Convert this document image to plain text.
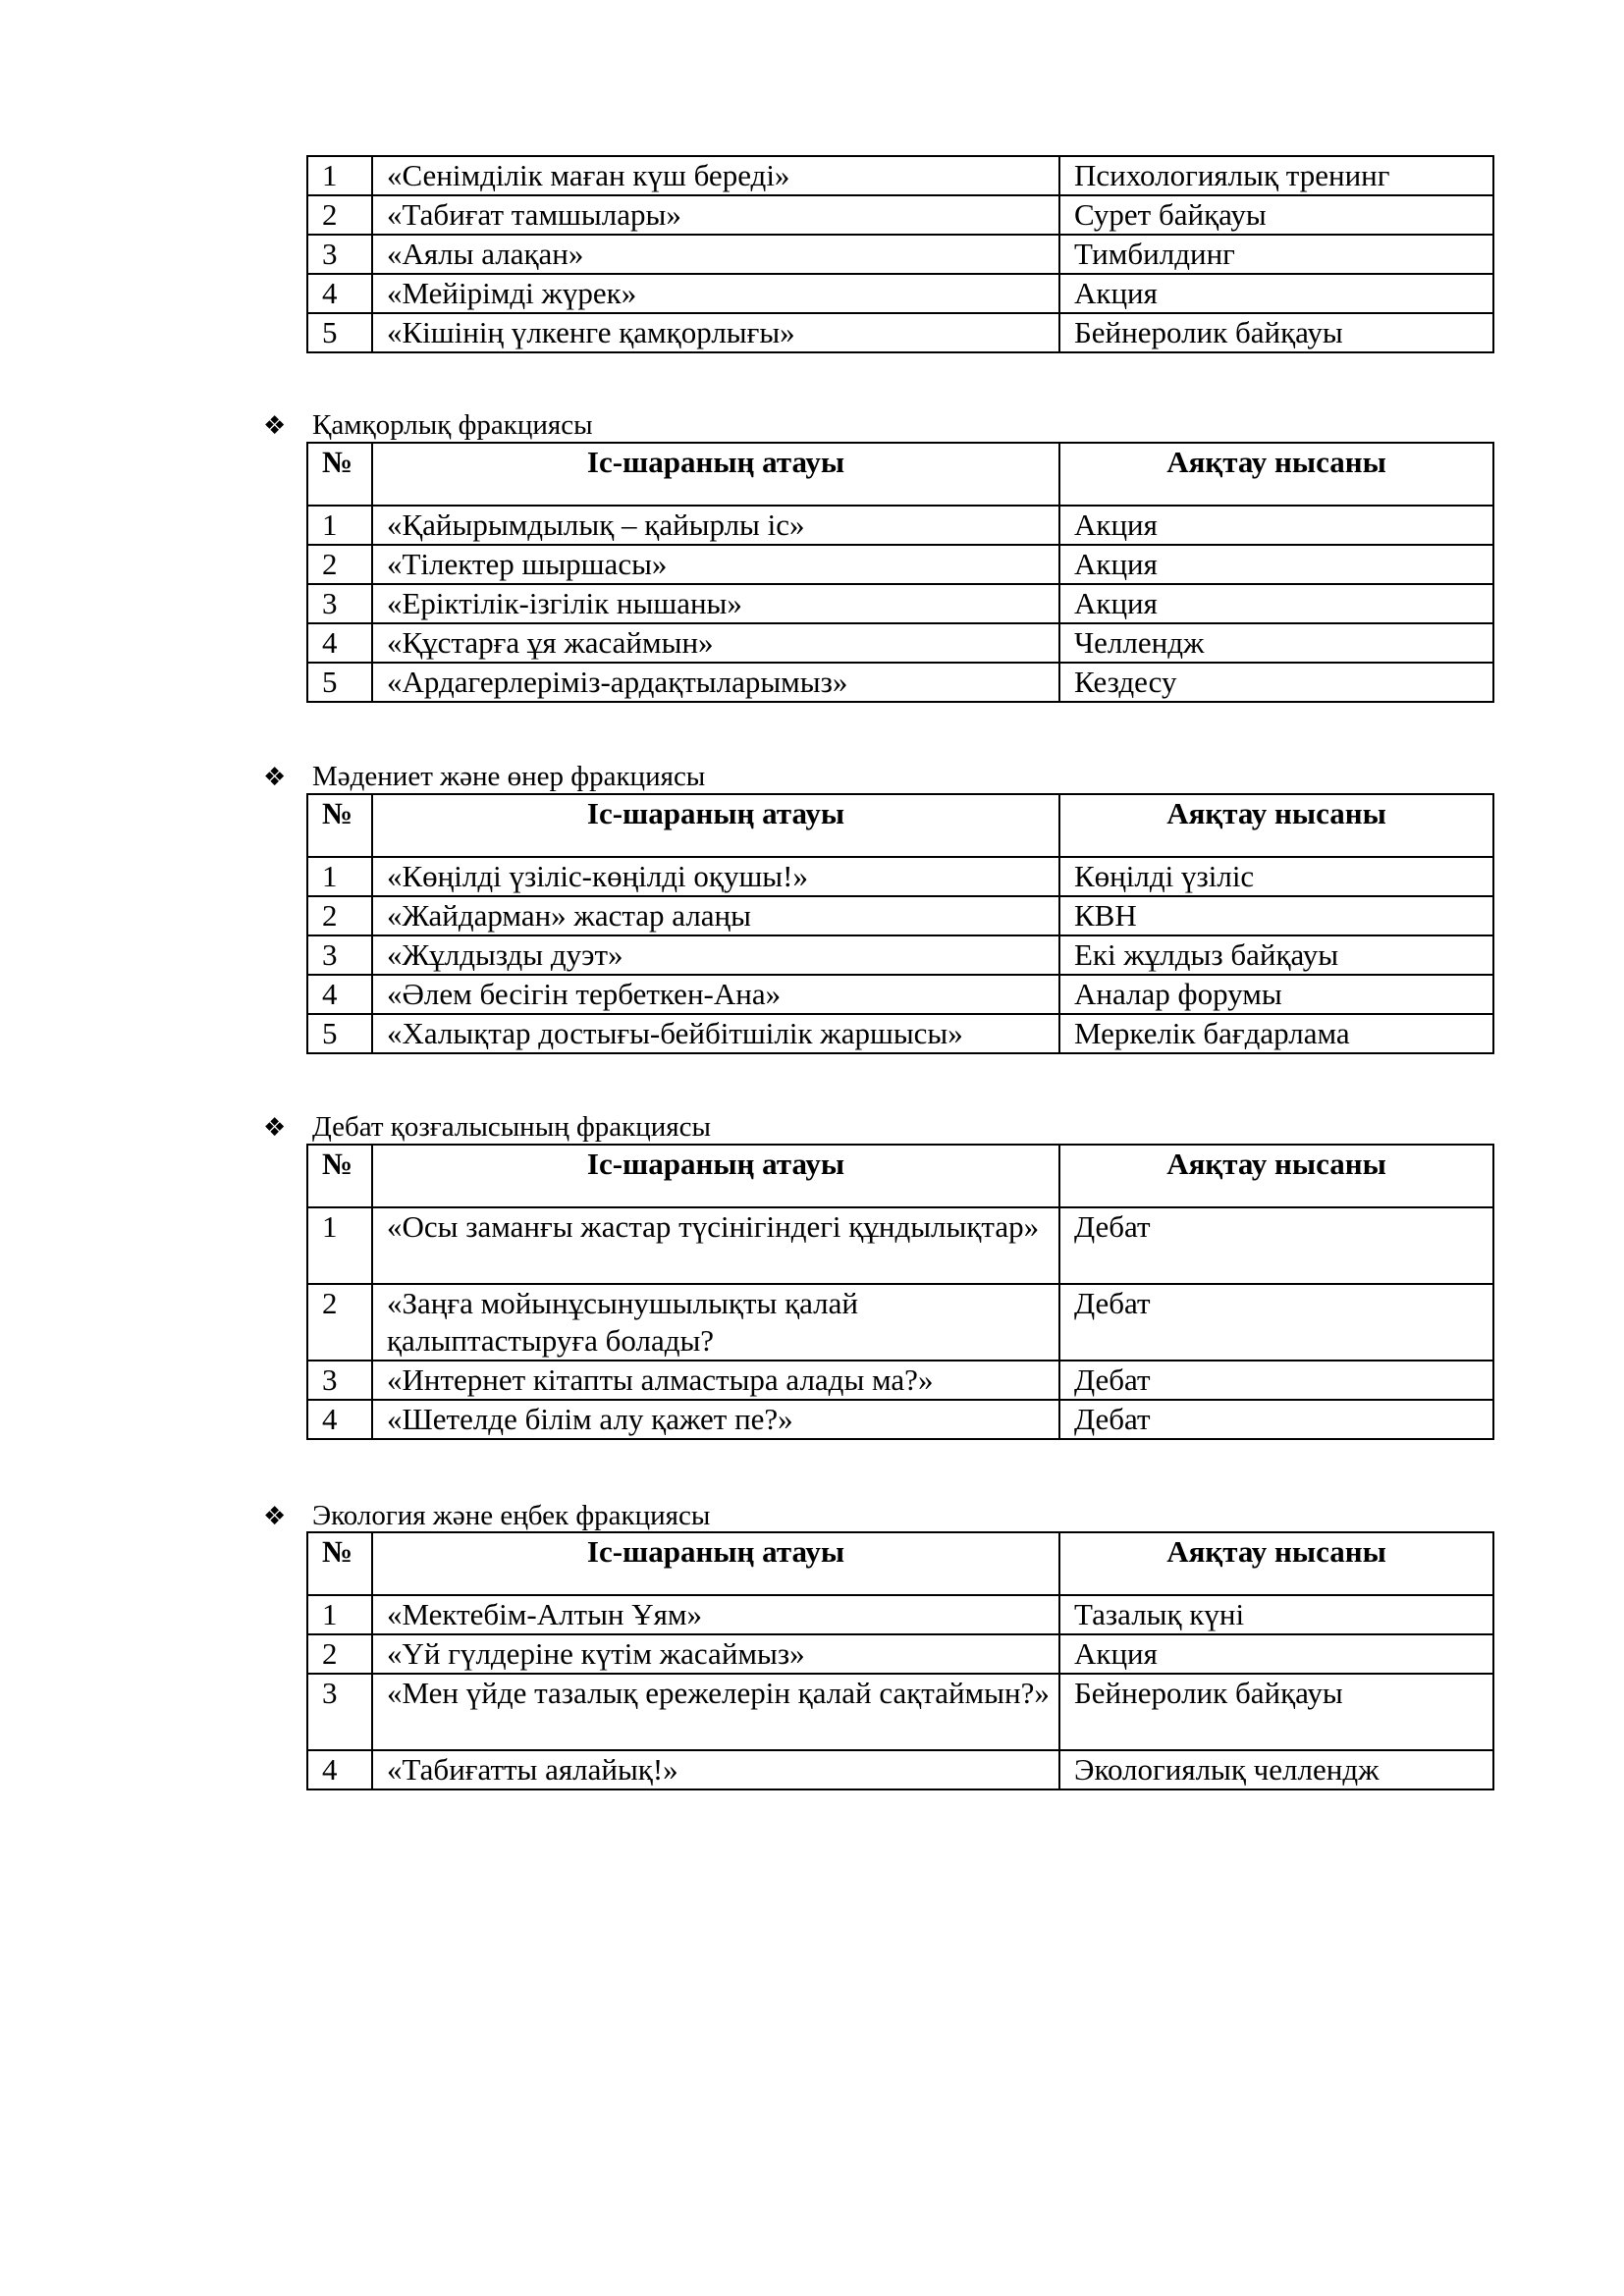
1	«Сенімділік маған күш береді»	Психологиялық тренинг
2	«Табиғат тамшылары»	Сурет байқауы
3	«Аялы алақан»	Тимбилдинг
4	«Мейірімді жүрек»	Акция
5	«Кішінің үлкенге қамқорлығы»	Бейнеролик байқауы
❖ Қамқорлық фракциясы
№	Іс-шараның атауы	Аяқтау нысаны
1	«Қайырымдылық – қайырлы іс»	Акция
2	«Тілектер шыршасы»	Акция
3	«Еріктілік-ізгілік нышаны»	Акция
4	«Құстарға ұя жасаймын»	Челлендж
5	«Ардагерлеріміз-ардақтыларымыз»	Кездесу
❖ Мәдениет және өнер фракциясы
№	Іс-шараның атауы	Аяқтау нысаны
1	«Көңілді үзіліс-көңілді оқушы!»	Көңілді үзіліс
2	«Жайдарман» жастар алаңы	КВН
3	«Жұлдызды дуэт»	Екі жұлдыз байқауы
4	«Әлем бесігін тербеткен-Ана»	Аналар форумы
5	«Халықтар достығы-бейбітшілік жаршысы»	Меркелік бағдарлама
❖ Дебат қозғалысының фракциясы
№	Іс-шараның атауы	Аяқтау нысаны
1	«Осы заманғы жастар түсінігіндегі құндылықтар»	Дебат
2	«Заңға мойынұсынушылықты қалай қалыптастыруға болады?	Дебат
3	«Интернет кітапты алмастыра алады ма?»	Дебат
4	«Шетелде білім алу қажет пе?»	Дебат
❖ Экология және еңбек фракциясы
№	Іс-шараның атауы	Аяқтау нысаны
1	«Мектебім-Алтын Ұям»	Тазалық күні
2	«Үй гүлдеріне күтім жасаймыз»	Акция
3	«Мен үйде тазалық ережелерін қалай сақтаймын?»	Бейнеролик байқауы
4	«Табиғатты аялайық!»	Экологиялық челлендж
